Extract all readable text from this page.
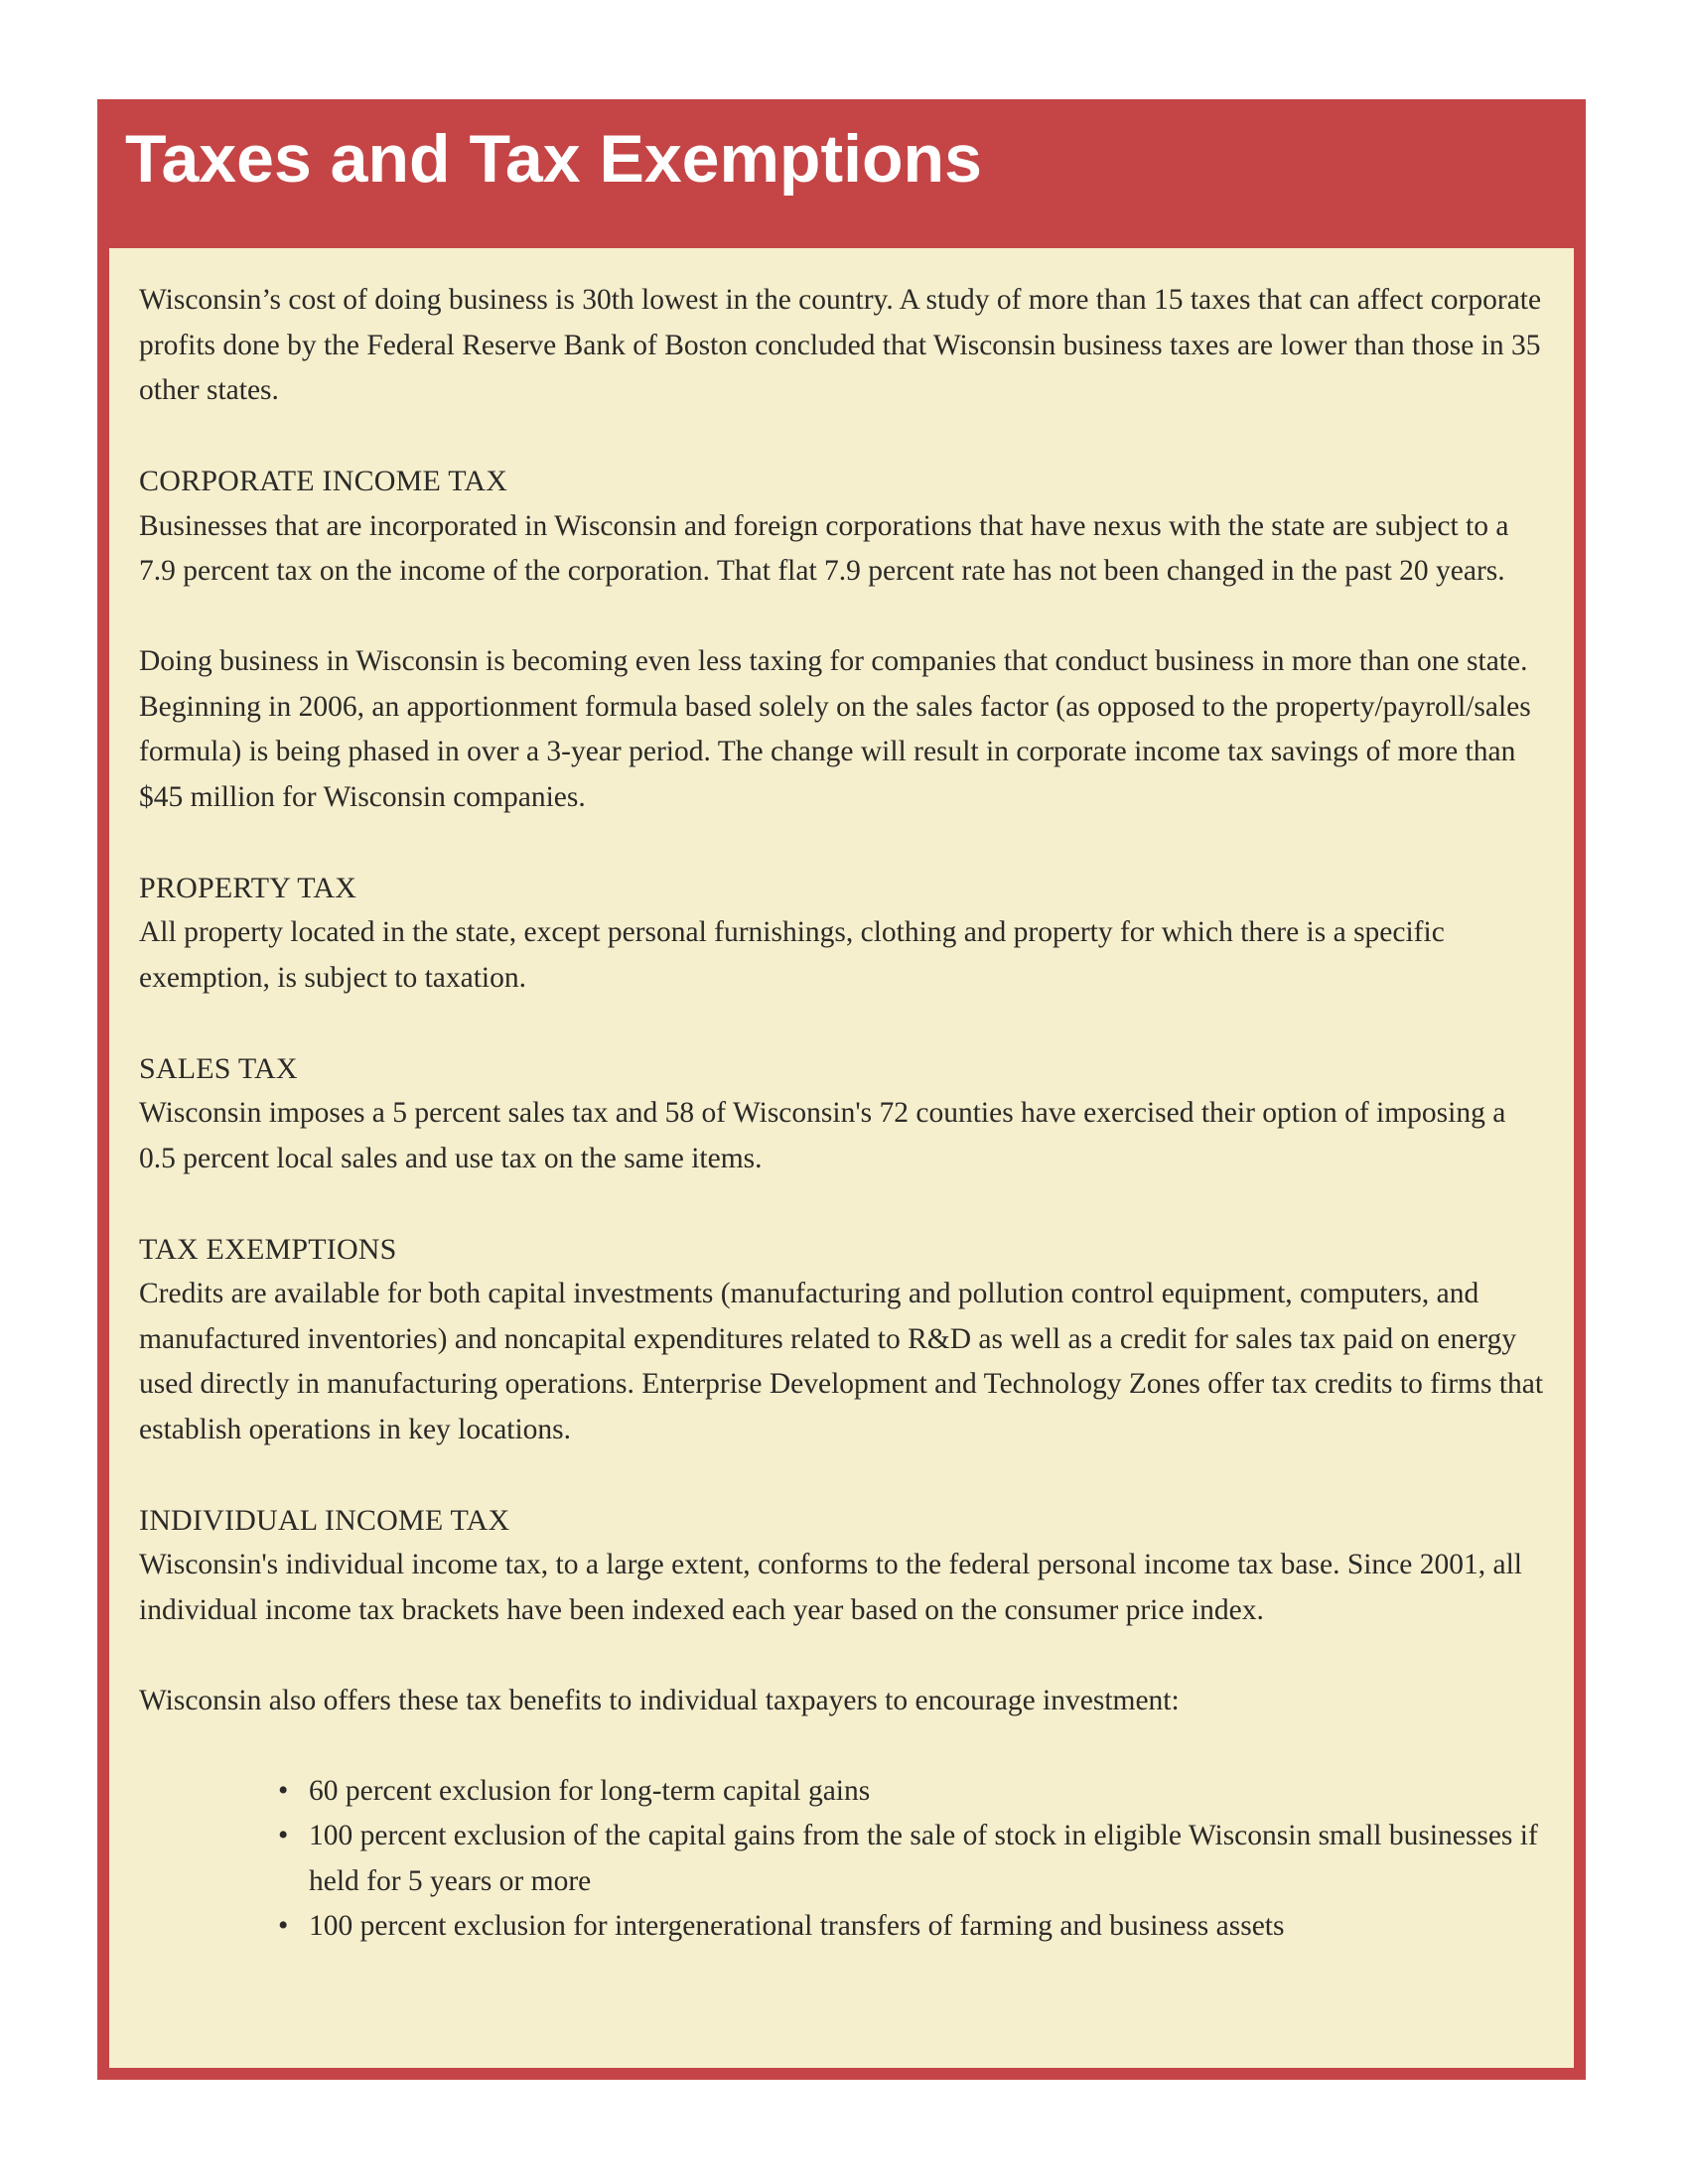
Taxes and Tax Exemptions

Wisconsin’s cost of doing business is 30th lowest in the country. A study of more than 15 taxes that can affect corporate profits done by the Federal Reserve Bank of Boston concluded that Wisconsin business taxes are lower than those in 35 other states.

CORPORATE INCOME TAX

Businesses that are incorporated in Wisconsin and foreign corporations that have nexus with the state are subject to a 7.9 percent tax on the income of the corporation. That flat 7.9 percent rate has not been changed in the past 20 years.

Doing business in Wisconsin is becoming even less taxing for companies that conduct business in more than one state. Beginning in 2006, an apportionment formula based solely on the sales factor (as opposed to the property/payroll/sales formula) is being phased in over a 3-year period. The change will result in corporate income tax savings of more than $45 million for Wisconsin companies.

PROPERTY TAX

All property located in the state, except personal furnishings, clothing and property for which there is a specific exemption, is subject to taxation.

SALES TAX

Wisconsin imposes a 5 percent sales tax and 58 of Wisconsin's 72 counties have exercised their option of imposing a 0.5 percent local sales and use tax on the same items.

TAX EXEMPTIONS

Credits are available for both capital investments (manufacturing and pollution control equipment, computers, and manufactured inventories) and noncapital expenditures related to R&D as well as a credit for sales tax paid on energy used directly in manufacturing operations. Enterprise Development and Technology Zones offer tax credits to firms that establish operations in key locations.

INDIVIDUAL INCOME TAX

Wisconsin's individual income tax, to a large extent, conforms to the federal personal income tax base. Since 2001, all individual income tax brackets have been indexed each year based on the consumer price index.

Wisconsin also offers these tax benefits to individual taxpayers to encourage investment:

• 60 percent exclusion for long-term capital gains
• 100 percent exclusion of the capital gains from the sale of stock in eligible Wisconsin small businesses if held for 5 years or more
• 100 percent exclusion for intergenerational transfers of farming and business assets
